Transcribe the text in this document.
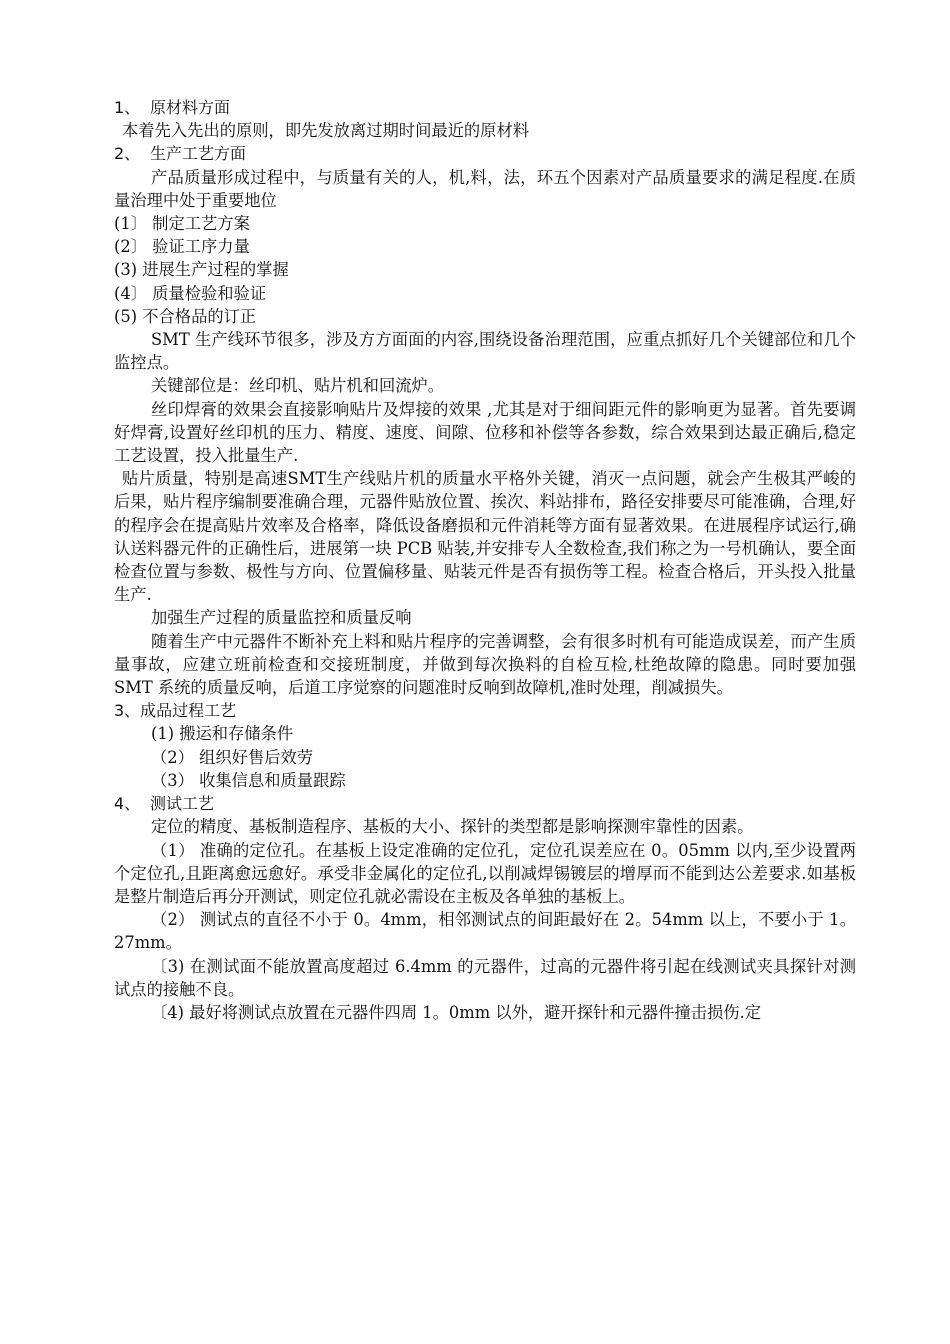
1、 原材料方面
本着先入先出的原则，即先发放离过期时间最近的原材料
2、 生产工艺方面
产品质量形成过程中，与质量有关的人，机,料，法，环五个因素对产品质量要求的满足程度.在质量治理中处于重要地位
(1〕 制定工艺方案
(2〕 验证工序力量
(3) 进展生产过程的掌握
(4〕 质量检验和验证
(5) 不合格品的订正
SMT 生产线环节很多，涉及方方面面的内容,围绕设备治理范围，应重点抓好几个关键部位和几个监控点。
关键部位是：丝印机、贴片机和回流炉。
丝印焊膏的效果会直接影响贴片及焊接的效果 ,尤其是对于细间距元件的影响更为显著。首先要调好焊膏,设置好丝印机的压力、精度、速度、间隙、位移和补偿等各参数，综合效果到达最正确后,稳定工艺设置，投入批量生产.
贴片质量，特别是高速SMT生产线贴片机的质量水平格外关键，消灭一点问题，就会产生极其严峻的后果，贴片程序编制要准确合理，元器件贴放位置、挨次、料站排布，路径安排要尽可能准确，合理,好的程序会在提高贴片效率及合格率，降低设备磨损和元件消耗等方面有显著效果。在进展程序试运行,确认送料器元件的正确性后，进展第一块 PCB 贴装,并安排专人全数检查,我们称之为一号机确认，要全面检查位置与参数、极性与方向、位置偏移量、贴装元件是否有损伤等工程。检查合格后，开头投入批量生产.
加强生产过程的质量监控和质量反响
随着生产中元器件不断补充上料和贴片程序的完善调整，会有很多时机有可能造成误差，而产生质量事故，应建立班前检查和交接班制度，并做到每次换料的自检互检,杜绝故障的隐患。同时要加强 SMT 系统的质量反响，后道工序觉察的问题准时反响到故障机,准时处理，削减损失。
3、成品过程工艺
(1) 搬运和存储条件
（2） 组织好售后效劳
（3） 收集信息和质量跟踪
4、 测试工艺
定位的精度、基板制造程序、基板的大小、探针的类型都是影响探测牢靠性的因素。
（1） 准确的定位孔。在基板上设定准确的定位孔，定位孔误差应在 0。05mm 以内,至少设置两个定位孔,且距离愈远愈好。承受非金属化的定位孔,以削减焊锡镀层的增厚而不能到达公差要求.如基板是整片制造后再分开测试，则定位孔就必需设在主板及各单独的基板上。
（2） 测试点的直径不小于 0。4mm，相邻测试点的间距最好在 2。54mm 以上，不要小于 1。27mm。
〔3) 在测试面不能放置高度超过 6.4mm 的元器件，过高的元器件将引起在线测试夹具探针对测试点的接触不良。
〔4) 最好将测试点放置在元器件四周 1。0mm 以外，避开探针和元器件撞击损伤.定
